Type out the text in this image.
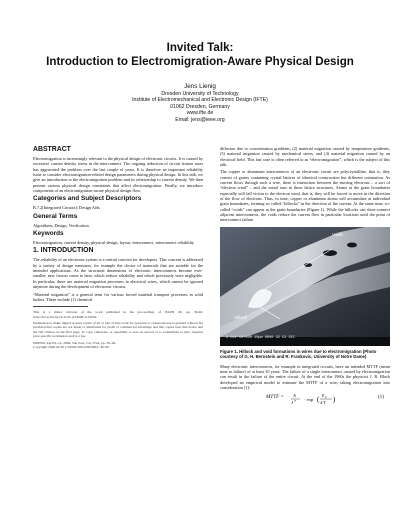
Invited Talk:
Introduction to Electromigration-Aware Physical Design
Jens Lienig
Dresden University of Technology
Institute of Electromechanical and Electronic Design (IFTE)
01062 Dresden, Germany
www.ifte.de
Email: jens@ieee.org
ABSTRACT

Electromigration is increasingly relevant to the physical design of electronic circuits. It is caused by excessive current density stress in the interconnect. The ongoing reduction of circuit feature sizes has aggravated the problem over the last couple of years. It is therefore an important reliability issue to consider electromigration-related design parameters during physical design. In this talk, we give an introduction to the electromigration problem and its relationship to current density. We then present various physical design constraints that affect electromigration. Finally, we introduce components of an electromigration-aware physical design flow.

Categories and Subject Descriptors

B.7.2[Integrated Circuits]: Design Aids

General Terms

Algorithms, Design, Verification.

Keywords

Electromigration, current density, physical design, layout, interconnect, interconnect reliability

1. INTRODUCTION

The reliability of an electronic system is a central concern for developers. This concern is addressed by a variety of design measures, for example the choice of materials that are suitable for the intended applications. As the structural dimensions of electronic interconnects become ever-smaller, new factors come to bear, which reduce reliability and which previously were negligible. In particular, there are material migration processes in electrical wires, which cannot be ignored anymore during the development of electronic circuits.

“Material migration” is a general term for various forced material transport processes in solid bodies. These include (1) chemical

This is a minor revision of the work published in the proceedings of ISLPD 06, pp. 39-46, http://doi.acm.org/10.1145/1123008.1123032.

Permission to make digital or hard copies of all or part of this work for personal or classroom use is granted without fee provided that copies are not made or distributed for profit or commercial advantage and that copies bear this notice and the full citation on the first page. To copy otherwise, or republish, to post on servers or to redistribute to lists, requires prior specific permission and/or a fee.

ISPD'06, April 9–12, 2006, San Jose, CA, USA, pp. 39–46.

Copyright 2006 ACM 1-59593-299-2/06/0004...$5.00.

diffusion due to concentration gradients, (2) material migration caused by temperature gradients, (3) material migration caused by mechanical stress, and (4) material migration caused by an electrical field. This last case is often referred to as “electromigration”, which is the subject of this talk.

The copper or aluminum interconnects of an electronic circuit are polycrystalline, that is, they consist of grains containing crystal lattices of identical construction but different orientation. As current flows through such a wire, there is interaction between the moving electrons – a sort of “electron wind” – and the metal ions in these lattice structures. Atoms at the grain boundaries especially will fall victim to the electron wind, that is, they will be forced to move in the direction of the flow of electrons. Thus, in time, copper or aluminum atoms will accumulate at individual grain boundaries, forming so-called “hillocks” in the direction of the current. At the same time, so-called “voids” can appear at the grain boundaries (Figure 1). While the hillocks can short-connect adjacent interconnects, the voids reduce the current flow in particular locations until the point of interconnect failure.

Voids
Hillock
2.0kV X3.500 10μm 0000 32 53 SEI

Figure 1. Hillock and void formations in wires due to electromigration (Photo courtesy of G. H. Bernstein and R. Frankovic, University of Notre Dame)

Many electronic interconnects, for example in integrated circuits, have an intended MTTF (mean time to failure) of at least 10 years. The failure of a single interconnect caused by electromigration can result in the failure of the entire circuit. At the end of the 1960s the physicist J. R. Black developed an empirical model to estimate the MTTF of a wire, taking electromigration into consideration [1]:

MTTF = A
J n · exp ( E a
k·T )	(1)
